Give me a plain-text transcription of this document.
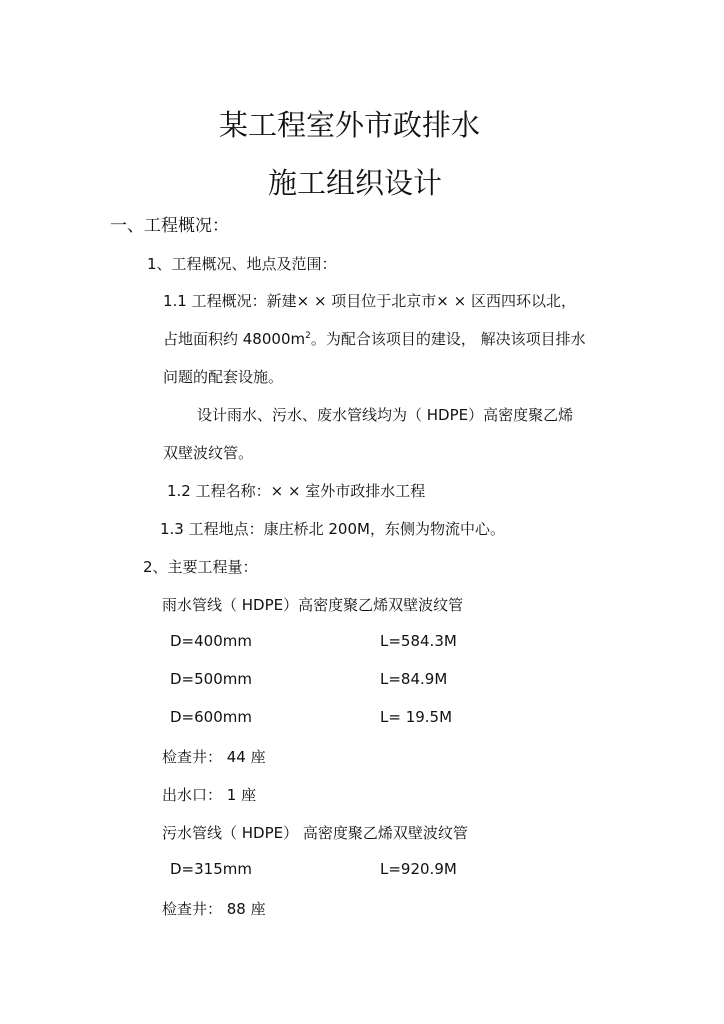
某工程室外市政排水
施工组织设计
一、工程概况：
1、工程概况、地点及范围：
1.1 工程概况：新建× × 项目位于北京市× × 区西四环以北，
占地面积约 $48000m^2$。为配合该项目的建设， 解决该项目排水
问题的配套设施。
设计雨水、污水、废水管线均为（ HDPE）高密度聚乙烯
双壁波纹管。
1.2 工程名称：× × 室外市政排水工程
1.3 工程地点：康庄桥北 200M，东侧为物流中心。
2、主要工程量：
雨水管线（ HDPE）高密度聚乙烯双壁波纹管
D=400mm	L=584.3M
D=500mm	L=84.9M
D=600mm	L= 19.5M
检查井： 44 座
出水口： 1 座
污水管线（ HDPE） 高密度聚乙烯双壁波纹管
D=315mm	L=920.9M
检查井： 88 座
